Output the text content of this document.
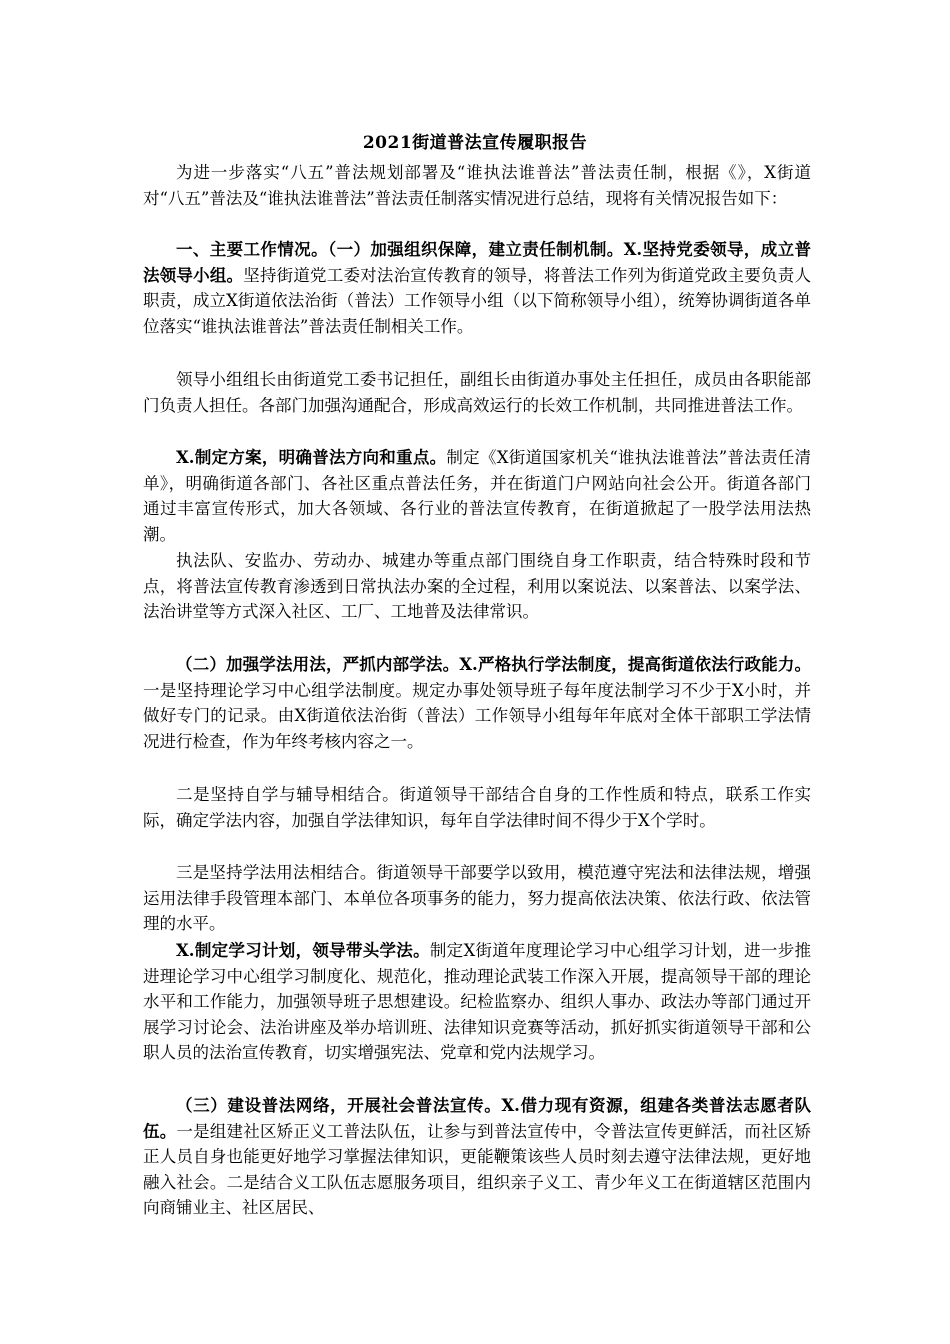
2021街道普法宣传履职报告

为进一步落实“八五”普法规划部署及“谁执法谁普法”普法责任制，根据《》，X街道对“八五”普法及“谁执法谁普法”普法责任制落实情况进行总结，现将有关情况报告如下：

一、主要工作情况。（一）加强组织保障，建立责任制机制。X.坚持党委领导，成立普法领导小组。坚持街道党工委对法治宣传教育的领导，将普法工作列为街道党政主要负责人职责，成立X街道依法治街（普法）工作领导小组（以下简称领导小组），统筹协调街道各单位落实“谁执法谁普法”普法责任制相关工作。

领导小组组长由街道党工委书记担任，副组长由街道办事处主任担任，成员由各职能部门负责人担任。各部门加强沟通配合，形成高效运行的长效工作机制，共同推进普法工作。

X.制定方案，明确普法方向和重点。制定《X街道国家机关“谁执法谁普法”普法责任清单》，明确街道各部门、各社区重点普法任务，并在街道门户网站向社会公开。街道各部门通过丰富宣传形式，加大各领域、各行业的普法宣传教育，在街道掀起了一股学法用法热潮。

执法队、安监办、劳动办、城建办等重点部门围绕自身工作职责，结合特殊时段和节点，将普法宣传教育渗透到日常执法办案的全过程，利用以案说法、以案普法、以案学法、法治讲堂等方式深入社区、工厂、工地普及法律常识。

（二）加强学法用法，严抓内部学法。X.严格执行学法制度，提高街道依法行政能力。一是坚持理论学习中心组学法制度。规定办事处领导班子每年度法制学习不少于X小时，并做好专门的记录。由X街道依法治街（普法）工作领导小组每年年底对全体干部职工学法情况进行检查，作为年终考核内容之一。

二是坚持自学与辅导相结合。街道领导干部结合自身的工作性质和特点，联系工作实际，确定学法内容，加强自学法律知识，每年自学法律时间不得少于X个学时。

三是坚持学法用法相结合。街道领导干部要学以致用，模范遵守宪法和法律法规，增强运用法律手段管理本部门、本单位各项事务的能力，努力提高依法决策、依法行政、依法管理的水平。

X.制定学习计划，领导带头学法。制定X街道年度理论学习中心组学习计划，进一步推进理论学习中心组学习制度化、规范化，推动理论武装工作深入开展，提高领导干部的理论水平和工作能力，加强领导班子思想建设。纪检监察办、组织人事办、政法办等部门通过开展学习讨论会、法治讲座及举办培训班、法律知识竞赛等活动，抓好抓实街道领导干部和公职人员的法治宣传教育，切实增强宪法、党章和党内法规学习。

（三）建设普法网络，开展社会普法宣传。X.借力现有资源，组建各类普法志愿者队伍。一是组建社区矫正义工普法队伍，让参与到普法宣传中，令普法宣传更鲜活，而社区矫正人员自身也能更好地学习掌握法律知识，更能鞭策该些人员时刻去遵守法律法规，更好地融入社会。二是结合义工队伍志愿服务项目，组织亲子义工、青少年义工在街道辖区范围内向商铺业主、社区居民、
